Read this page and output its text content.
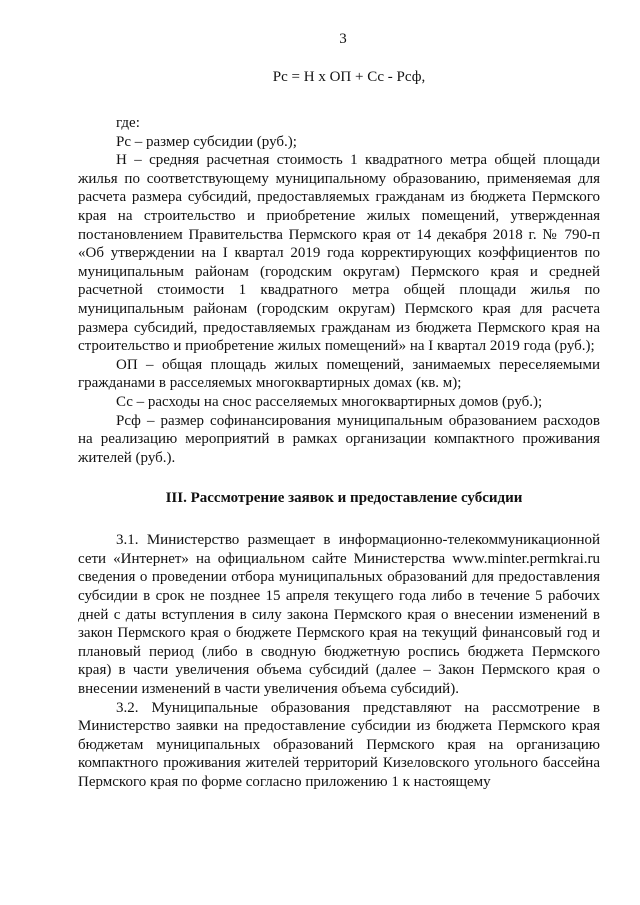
3
Рс = Н x ОП + Сс - Рсф,

где:

Рс – размер субсидии (руб.);

Н – средняя расчетная стоимость 1 квадратного метра общей площади жилья по соответствующему муниципальному образованию, применяемая для расчета размера субсидий, предоставляемых гражданам из бюджета Пермского края на строительство и приобретение жилых помещений, утвержденная постановлением Правительства Пермского края от 14 декабря 2018 г. № 790-п «Об утверждении на I квартал 2019 года корректирующих коэффициентов по муниципальным районам (городским округам) Пермского края и средней расчетной стоимости 1 квадратного метра общей площади жилья по муниципальным районам (городским округам) Пермского края для расчета размера субсидий, предоставляемых гражданам из бюджета Пермского края на строительство и приобретение жилых помещений» на I квартал 2019 года (руб.);

ОП – общая площадь жилых помещений, занимаемых переселяемыми гражданами в расселяемых многоквартирных домах (кв. м);

Сс – расходы на снос расселяемых многоквартирных домов (руб.);

Рсф – размер софинансирования муниципальным образованием расходов на реализацию мероприятий в рамках организации компактного проживания жителей (руб.).

III. Рассмотрение заявок и предоставление субсидии

3.1. Министерство размещает в информационно-телекоммуникационной сети «Интернет» на официальном сайте Министерства www.minter.permkrai.ru сведения о проведении отбора муниципальных образований для предоставления субсидии в срок не позднее 15 апреля текущего года либо в течение 5 рабочих дней с даты вступления в силу закона Пермского края о внесении изменений в закон Пермского края о бюджете Пермского края на текущий финансовый год и плановый период (либо в сводную бюджетную роспись бюджета Пермского края) в части увеличения объема субсидий (далее – Закон Пермского края о внесении изменений в части увеличения объема субсидий).

3.2. Муниципальные образования представляют на рассмотрение в Министерство заявки на предоставление субсидии из бюджета Пермского края бюджетам муниципальных образований Пермского края на организацию компактного проживания жителей территорий Кизеловского угольного бассейна Пермского края по форме согласно приложению 1 к настоящему
